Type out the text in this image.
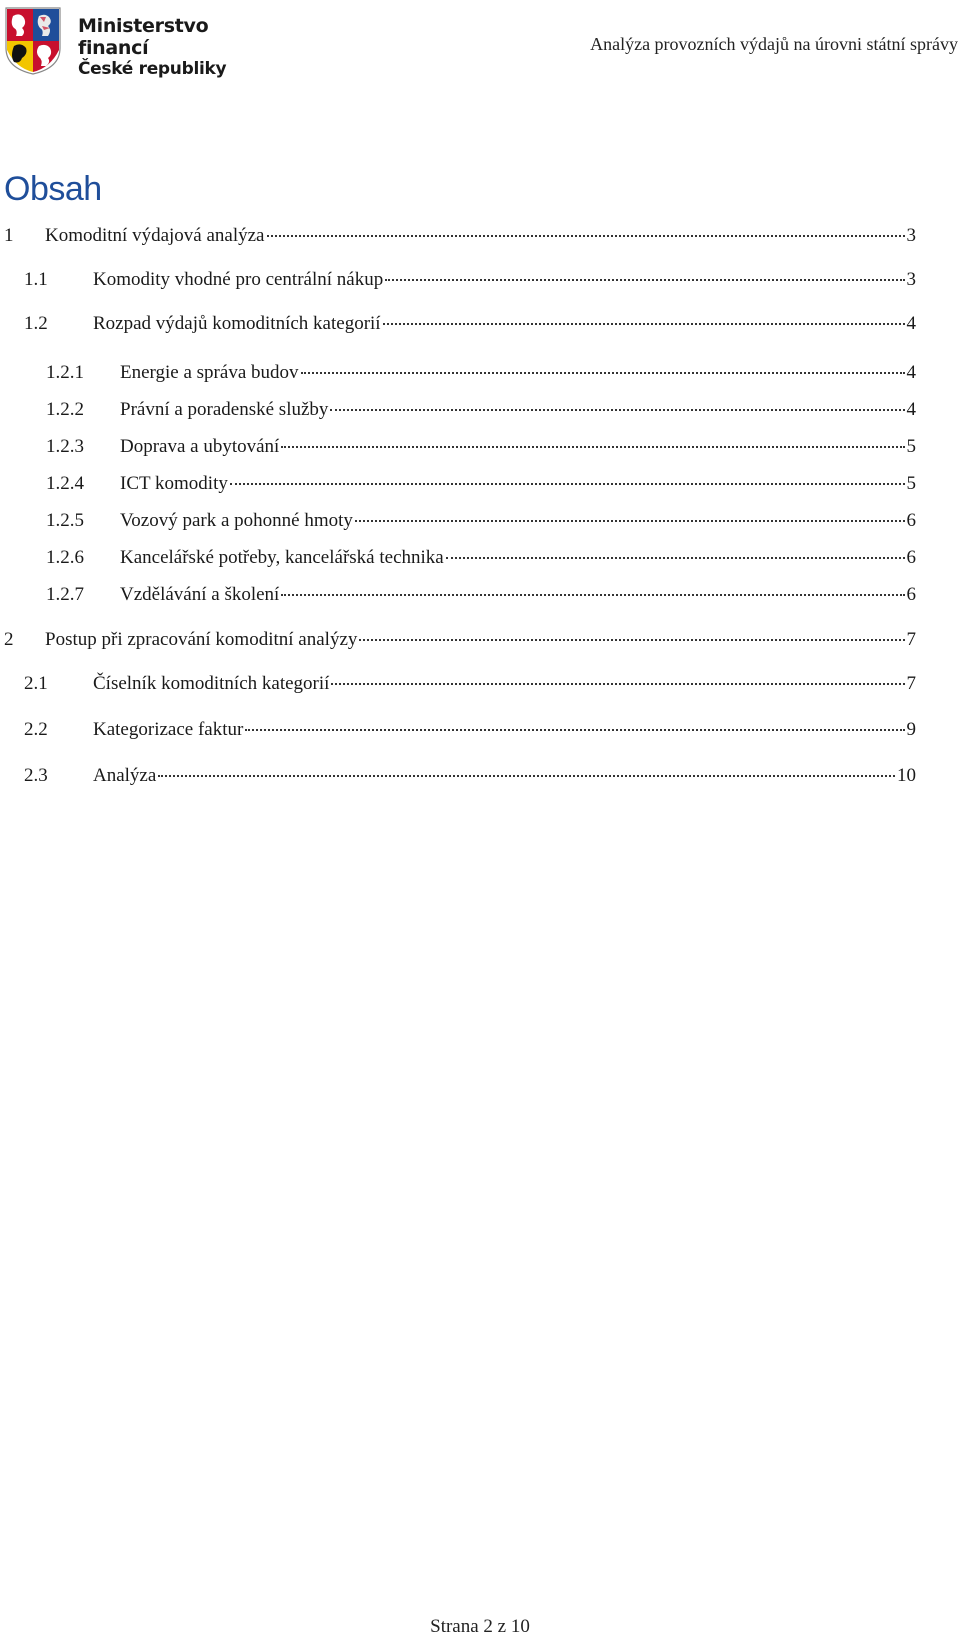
Ministerstvo financí
České republiky
Analýza provozních výdajů na úrovni státní správy
Obsah
1	Komoditní výdajová analýza	3
1.1	Komodity vhodné pro centrální nákup	3
1.2	Rozpad výdajů komoditních kategorií	4
1.2.1	Energie a správa budov	4
1.2.2	Právní a poradenské služby	4
1.2.3	Doprava a ubytování	5
1.2.4	ICT komodity	5
1.2.5	Vozový park a pohonné hmoty	6
1.2.6	Kancelářské potřeby, kancelářská technika	6
1.2.7	Vzdělávání a školení	6
2	Postup při zpracování komoditní analýzy	7
2.1	Číselník komoditních kategorií	7
2.2	Kategorizace faktur	9
2.3	Analýza	10
Strana 2 z 10
